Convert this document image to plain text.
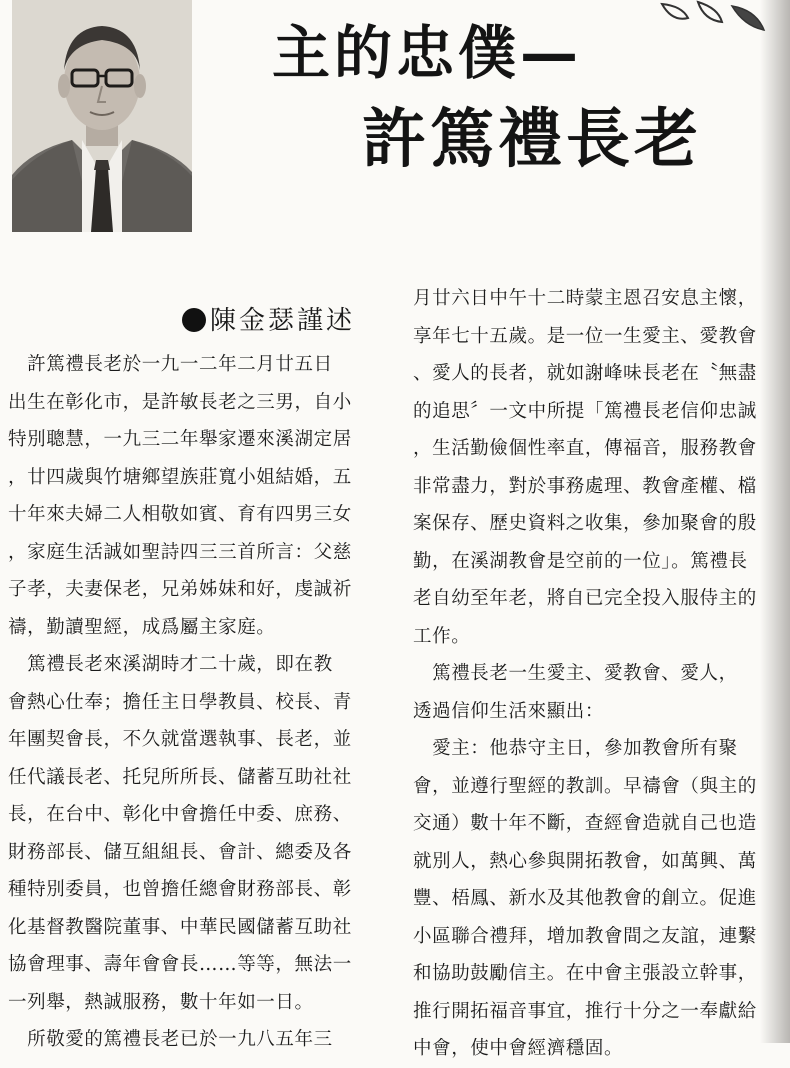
主的忠僕—
許篤禮長老
陳金瑟謹述
　許篤禮長老於一九一二年二月廿五日
出生在彰化市，是許敏長老之三男，自小
特別聰慧，一九三二年舉家遷來溪湖定居
，廿四歲與竹塘鄉望族莊寬小姐結婚，五
十年來夫婦二人相敬如賓、育有四男三女
，家庭生活誠如聖詩四三三首所言：父慈
子孝，夫妻保老，兄弟姊妹和好，虔誠祈
禱，勤讀聖經，成爲屬主家庭。
　篤禮長老來溪湖時才二十歲，即在教
會熱心仕奉；擔任主日學教員、校長、青
年團契會長，不久就當選執事、長老，並
任代議長老、托兒所所長、儲蓄互助社社
長，在台中、彰化中會擔任中委、庶務、
財務部長、儲互組組長、會計、總委及各
種特別委員，也曾擔任總會財務部長、彰
化基督教醫院董事、中華民國儲蓄互助社
協會理事、壽年會會長……等等，無法一
一列舉，熱誠服務，數十年如一日。
　所敬愛的篤禮長老已於一九八五年三
月廿六日中午十二時蒙主恩召安息主懷，
享年七十五歲。是一位一生愛主、愛教會
、愛人的長者，就如謝峰味長老在〝無盡
的追思〞一文中所提「篤禮長老信仰忠誠
，生活勤儉個性率直，傳福音，服務教會
非常盡力，對於事務處理、教會產權、檔
案保存、歷史資料之收集，參加聚會的殷
勤，在溪湖教會是空前的一位」。篤禮長
老自幼至年老，將自已完全投入服侍主的
工作。
　篤禮長老一生愛主、愛教會、愛人，
透過信仰生活來顯出：
　愛主：他恭守主日，參加教會所有聚
會，並遵行聖經的教訓。早禱會（與主的
交通）數十年不斷，查經會造就自己也造
就別人，熱心參與開拓教會，如萬興、萬
豐、梧鳳、新水及其他教會的創立。促進
小區聯合禮拜，增加教會間之友誼，連繫
和協助鼓勵信主。在中會主張設立幹事，
推行開拓福音事宜，推行十分之一奉獻給
中會，使中會經濟穩固。
